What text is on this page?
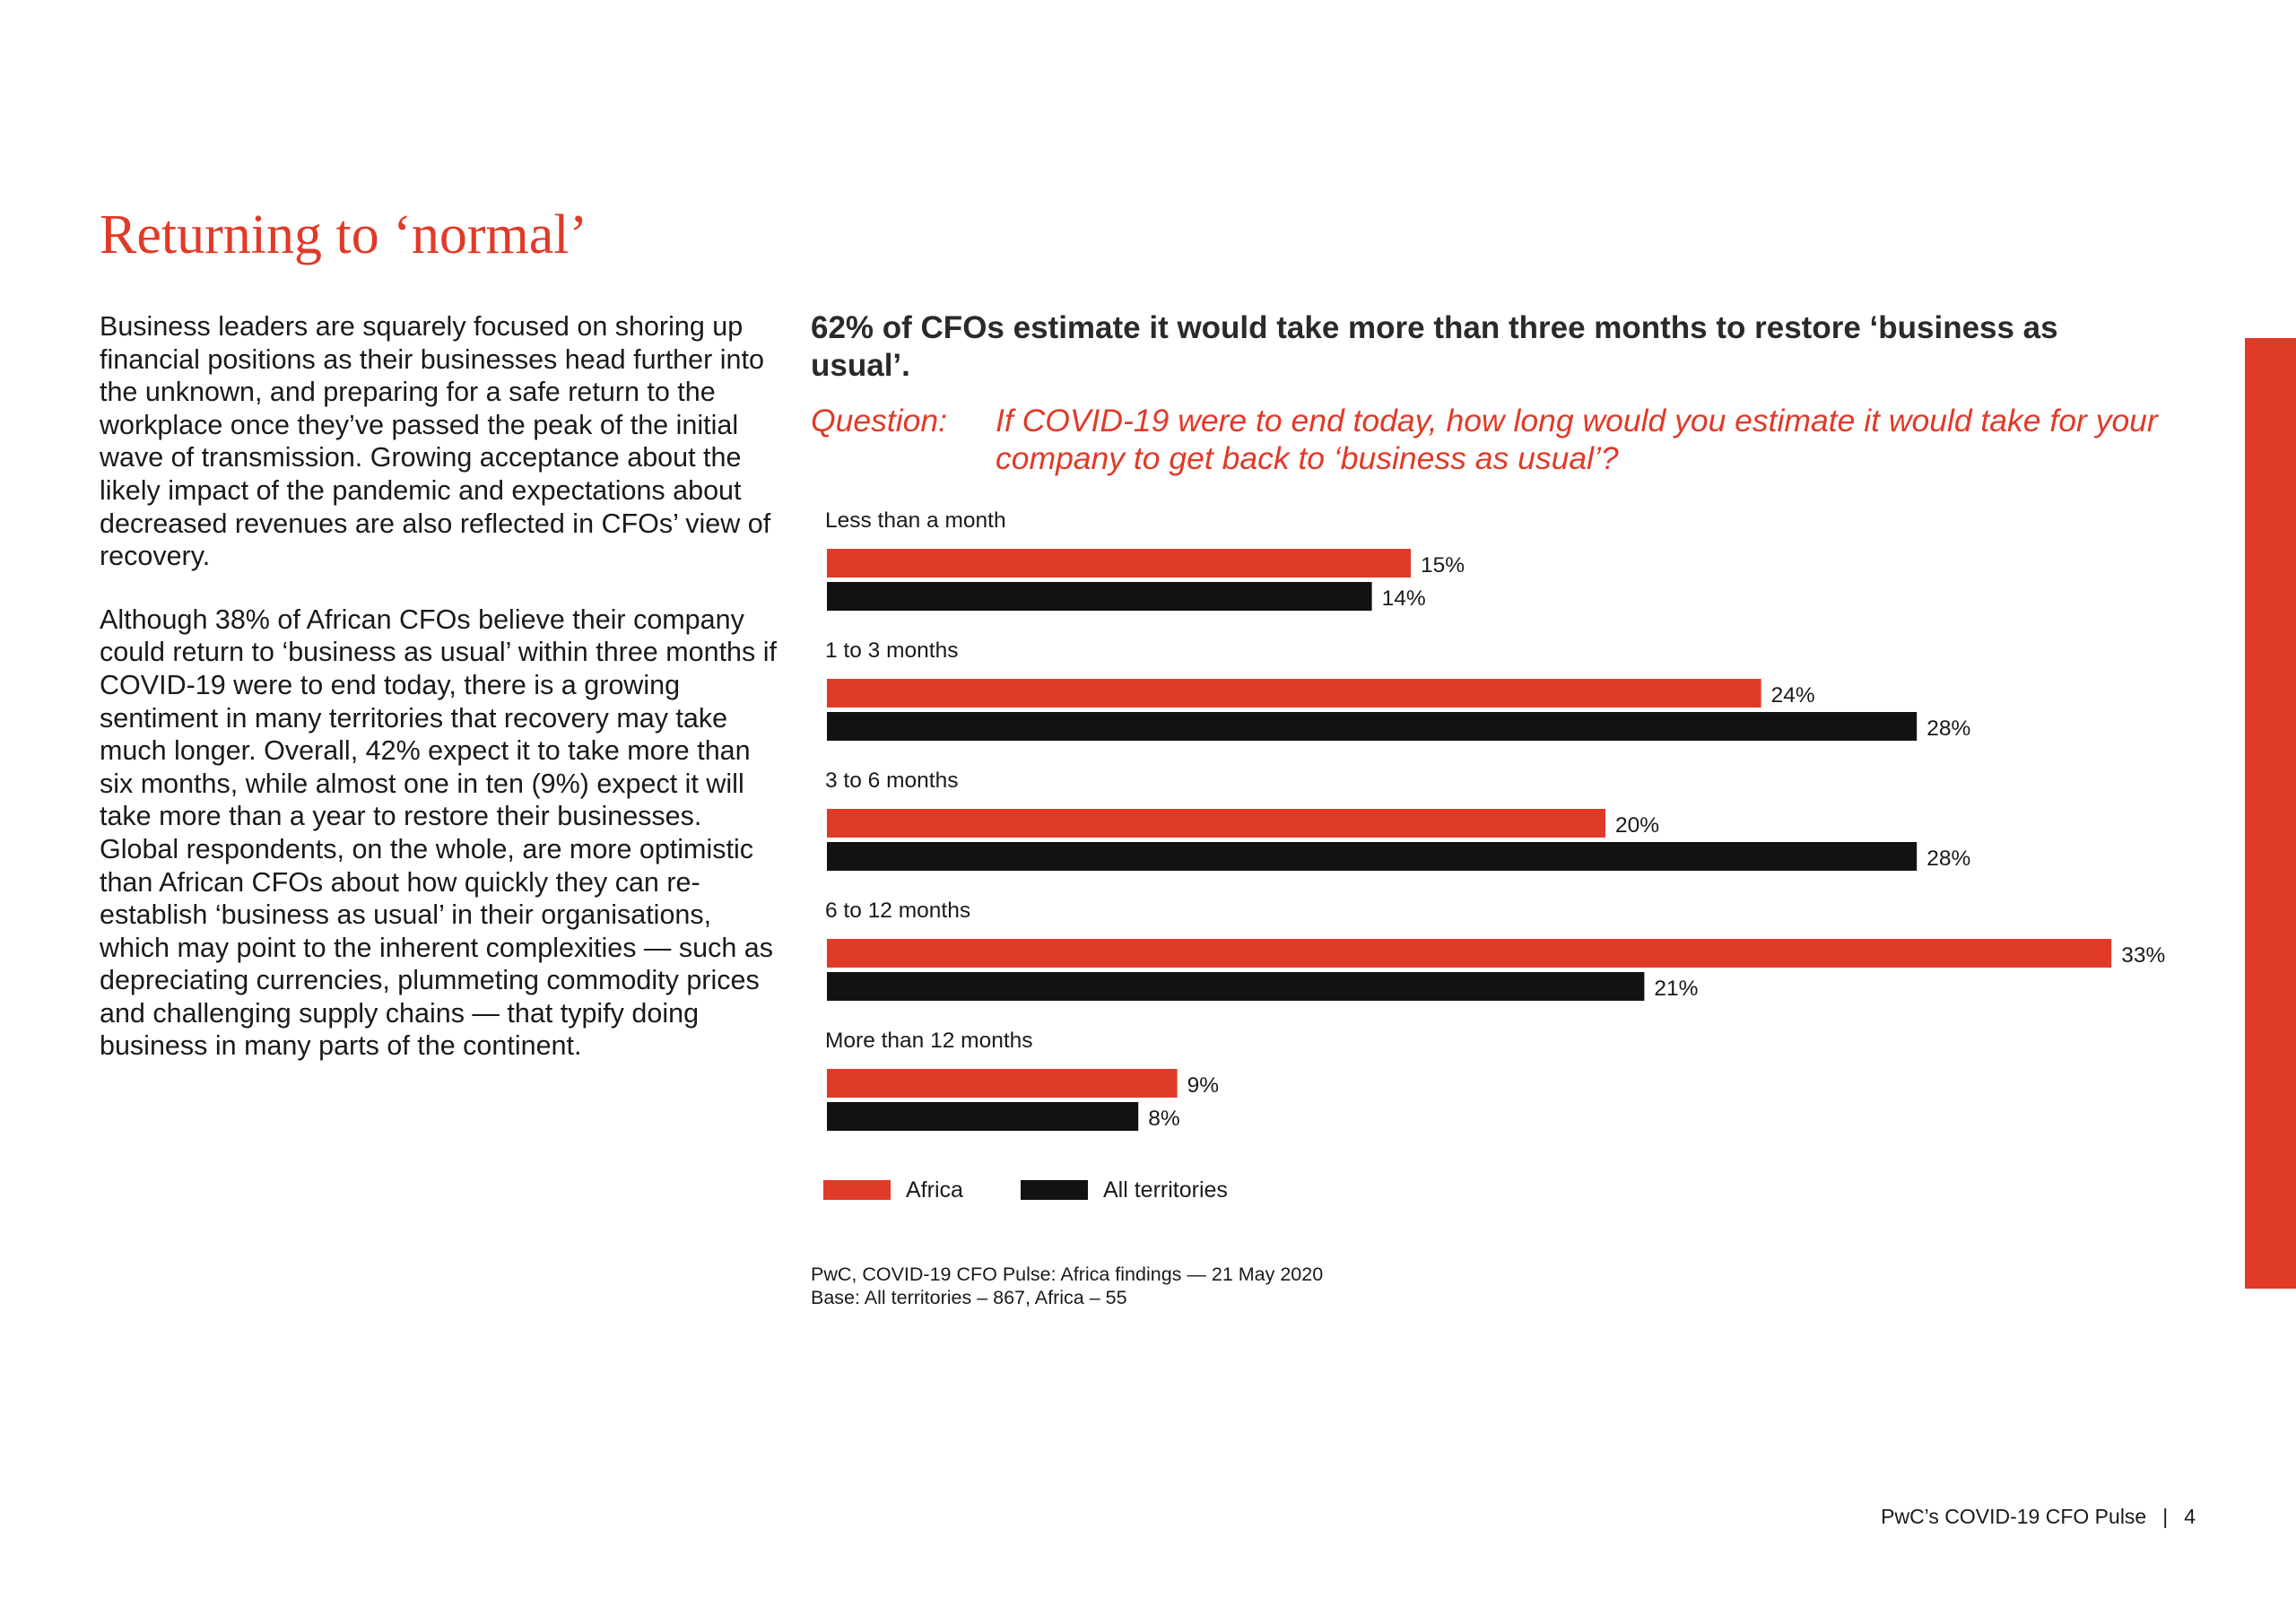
Returning to ‘normal’

Business leaders are squarely focused on shoring up financial positions as their businesses head further into the unknown, and preparing for a safe return to the workplace once they’ve passed the peak of the initial wave of transmission. Growing acceptance about the likely impact of the pandemic and expectations about decreased revenues are also reflected in CFOs’ view of recovery.

Although 38% of African CFOs believe their company could return to ‘business as usual’ within three months if COVID-19 were to end today, there is a growing sentiment in many territories that recovery may take much longer. Overall, 42% expect it to take more than six months, while almost one in ten (9%) expect it will take more than a year to restore their businesses. Global respondents, on the whole, are more optimistic than African CFOs about how quickly they can re-establish ‘business as usual’ in their organisations, which may point to the inherent complexities — such as depreciating currencies, plummeting commodity prices and challenging supply chains — that typify doing business in many parts of the continent.

62% of CFOs estimate it would take more than three months to restore ‘business as usual’.
Question: If COVID-19 were to end today, how long would you estimate it would take for your company to get back to ‘business as usual’?
Less than a month
15%
14%
1 to 3 months
24%
28%
3 to 6 months
20%
28%
6 to 12 months
33%
21%
More than 12 months
9%
8%
Africa	All territories
PwC, COVID-19 CFO Pulse: Africa findings — 21 May 2020
Base: All territories – 867, Africa – 55
PwC’s COVID-19 CFO Pulse | 4
